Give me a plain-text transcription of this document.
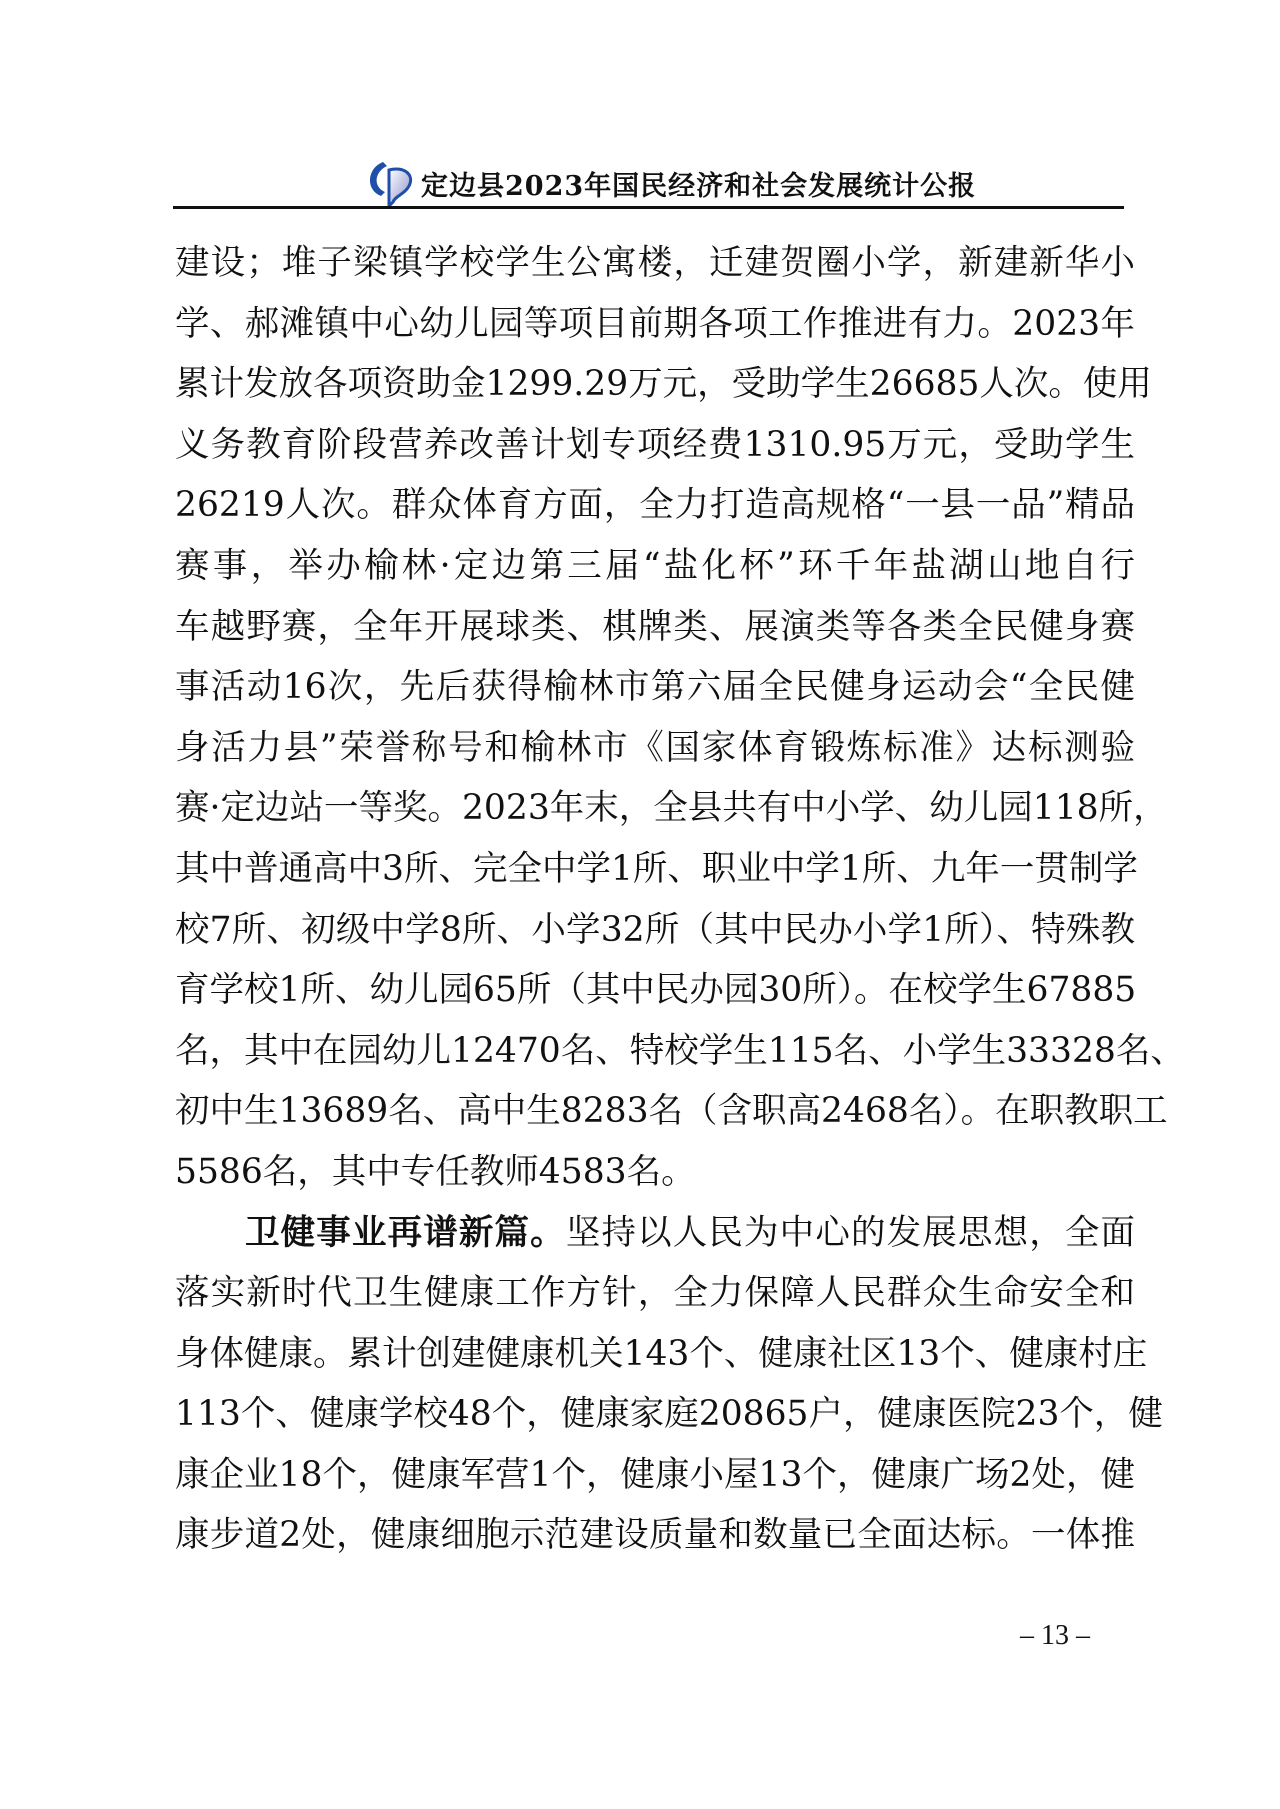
定边县2023年国民经济和社会发展统计公报
建设；堆子梁镇学校学生公寓楼，迁建贺圈小学，新建新华小
学、郝滩镇中心幼儿园等项目前期各项工作推进有力。2023年
累计发放各项资助金1299.29万元，受助学生26685人次。使用
义务教育阶段营养改善计划专项经费1310.95万元，受助学生
26219人次。群众体育方面，全力打造高规格“一县一品”精品
赛事，举办榆林·定边第三届“盐化杯”环千年盐湖山地自行
车越野赛，全年开展球类、棋牌类、展演类等各类全民健身赛
事活动16次，先后获得榆林市第六届全民健身运动会“全民健
身活力县”荣誉称号和榆林市《国家体育锻炼标准》达标测验
赛·定边站一等奖。2023年末，全县共有中小学、幼儿园118所，
其中普通高中3所、完全中学1所、职业中学1所、九年一贯制学
校7所、初级中学8所、小学32所（其中民办小学1所）、特殊教
育学校1所、幼儿园65所（其中民办园30所）。在校学生67885
名，其中在园幼儿12470名、特校学生115名、小学生33328名、
初中生13689名、高中生8283名（含职高2468名）。在职教职工
5586名，其中专任教师4583名。
卫健事业再谱新篇。坚持以人民为中心的发展思想，全面
落实新时代卫生健康工作方针，全力保障人民群众生命安全和
身体健康。累计创建健康机关143个、健康社区13个、健康村庄
113个、健康学校48个，健康家庭20865户，健康医院23个，健
康企业18个，健康军营1个，健康小屋13个，健康广场2处，健
康步道2处，健康细胞示范建设质量和数量已全面达标。一体推
– 13 –
